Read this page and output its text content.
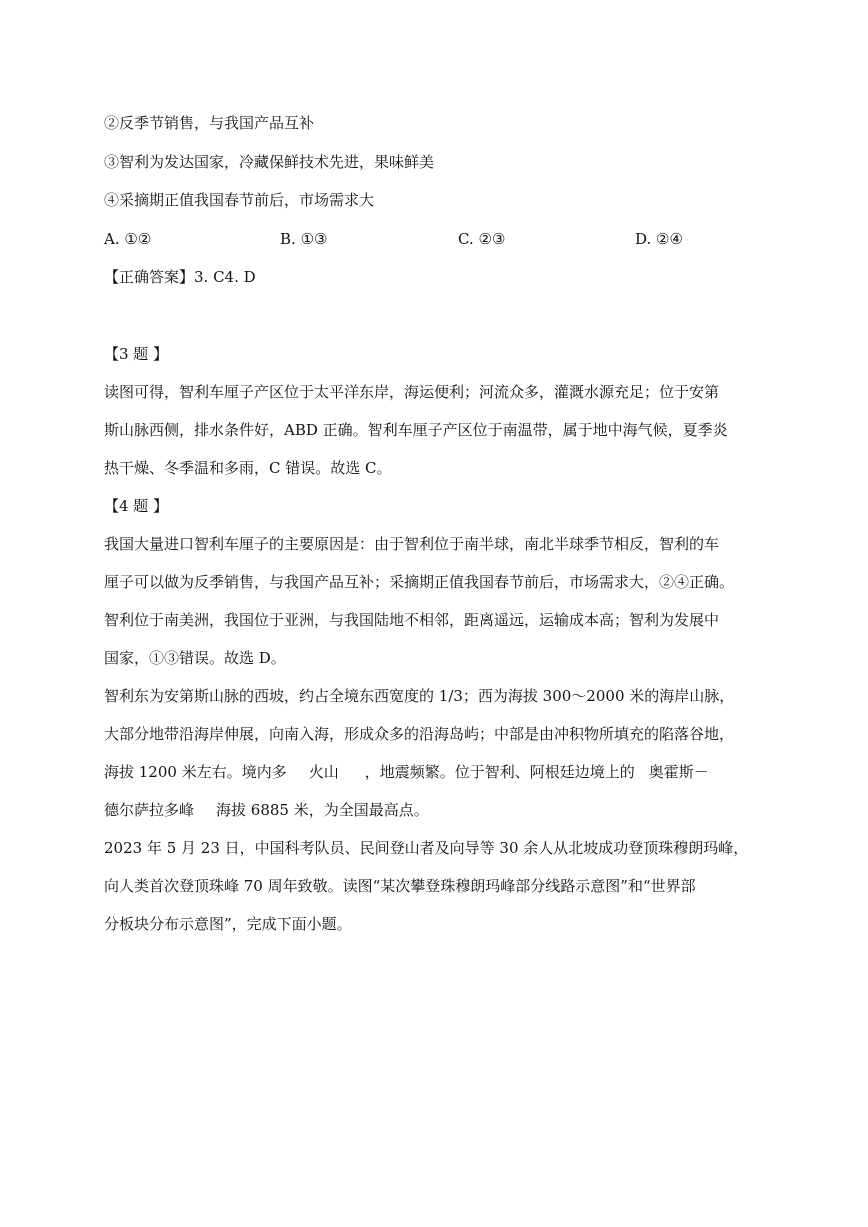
②反季节销售，与我国产品互补
③智利为发达国家，冷藏保鲜技术先进，果味鲜美
④采摘期正值我国春节前后，市场需求大
A. ①②	B. ①③	C. ②③	D. ②④
【正确答案】3. C4. D
【3 题 】
读图可得，智利车厘子产区位于太平洋东岸，海运便利；河流众多，灌溉水源充足；位于安第
斯山脉西侧，排水条件好，ABD 正确。智利车厘子产区位于南温带，属于地中海气候，夏季炎
热干燥、冬季温和多雨，C 错误。故选 C。
【4 题 】
我国大量进口智利车厘子的主要原因是：由于智利位于南半球，南北半球季节相反，智利的车
厘子可以做为反季销售，与我国产品互补；采摘期正值我国春节前后，市场需求大，②④正确。
智利位于南美洲，我国位于亚洲，与我国陆地不相邻，距离遥远，运输成本高；智利为发展中
国家，①③错误。故选 D。
智利东为安第斯山脉的西坡，约占全境东西宽度的 1/3；西为海拔 300～2000 米的海岸山脉，
大部分地带沿海岸伸展，向南入海，形成众多的沿海岛屿；中部是由冲积物所填充的陷落谷地，
海拔 1200 米左右。境内多 火山 ，地震频繁。位于智利、阿根廷边境上的 奥霍斯－
德尔萨拉多峰 海拔 6885 米，为全国最高点。
2023 年 5 月 23 日，中国科考队员、民间登山者及向导等 30 余人从北坡成功登顶珠穆朗玛峰，
向人类首次登顶珠峰 70 周年致敬。读图“某次攀登珠穆朗玛峰部分线路示意图”和“世界部
分板块分布示意图”，完成下面小题。
